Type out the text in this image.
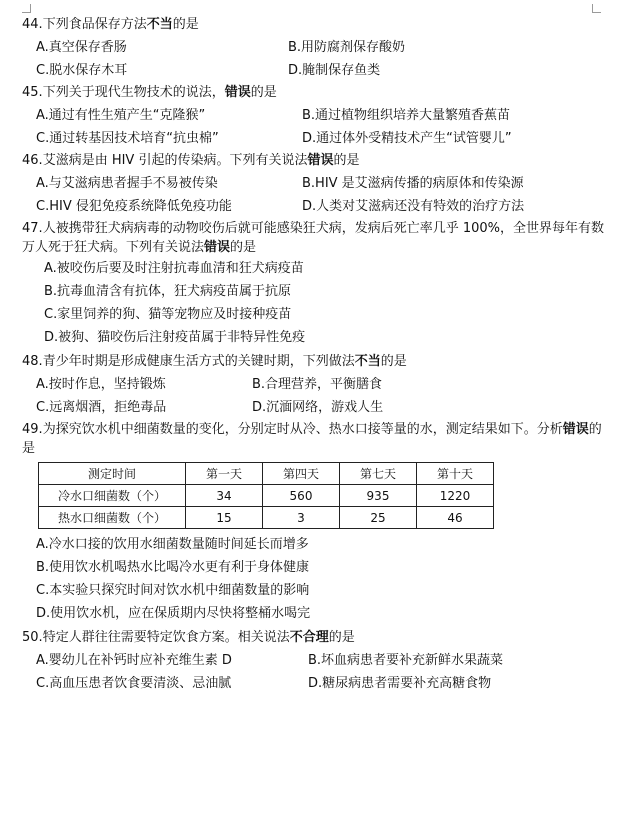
44.下列食品保存方法不当的是
A.真空保存香肠	B.用防腐剂保存酸奶
C.脱水保存木耳	D.腌制保存鱼类
45.下列关于现代生物技术的说法，错误的是
A.通过有性生殖产生“克隆猴”	B.通过植物组织培养大量繁殖香蕉苗
C.通过转基因技术培育“抗虫棉”	D.通过体外受精技术产生“试管婴儿”
46.艾滋病是由 HIV 引起的传染病。下列有关说法错误的是
A.与艾滋病患者握手不易被传染	B.HIV 是艾滋病传播的病原体和传染源
C.HIV 侵犯免疫系统降低免疫功能	D.人类对艾滋病还没有特效的治疗方法
47.人被携带狂犬病病毒的动物咬伤后就可能感染狂犬病，发病后死亡率几乎 100%，全世界每年有数万人死于狂犬病。下列有关说法错误的是
A.被咬伤后要及时注射抗毒血清和狂犬病疫苗
B.抗毒血清含有抗体，狂犬病疫苗属于抗原
C.家里饲养的狗、猫等宠物应及时接种疫苗
D.被狗、猫咬伤后注射疫苗属于非特异性免疫
48.青少年时期是形成健康生活方式的关键时期，下列做法不当的是
A.按时作息，坚持锻炼	B.合理营养，平衡膳食
C.远离烟酒，拒绝毒品	D.沉湎网络，游戏人生
49.为探究饮水机中细菌数量的变化，分别定时从冷、热水口接等量的水，测定结果如下。分析错误的是
测定时间	第一天	第四天	第七天	第十天
冷水口细菌数（个）	34	560	935	1220
热水口细菌数（个）	15	3	25	46
A.冷水口接的饮用水细菌数量随时间延长而增多
B.使用饮水机喝热水比喝冷水更有利于身体健康
C.本实验只探究时间对饮水机中细菌数量的影响
D.使用饮水机，应在保质期内尽快将整桶水喝完
50.特定人群往往需要特定饮食方案。相关说法不合理的是
A.婴幼儿在补钙时应补充维生素 D	B.坏血病患者要补充新鲜水果蔬菜
C.高血压患者饮食要清淡、忌油腻	D.糖尿病患者需要补充高糖食物
